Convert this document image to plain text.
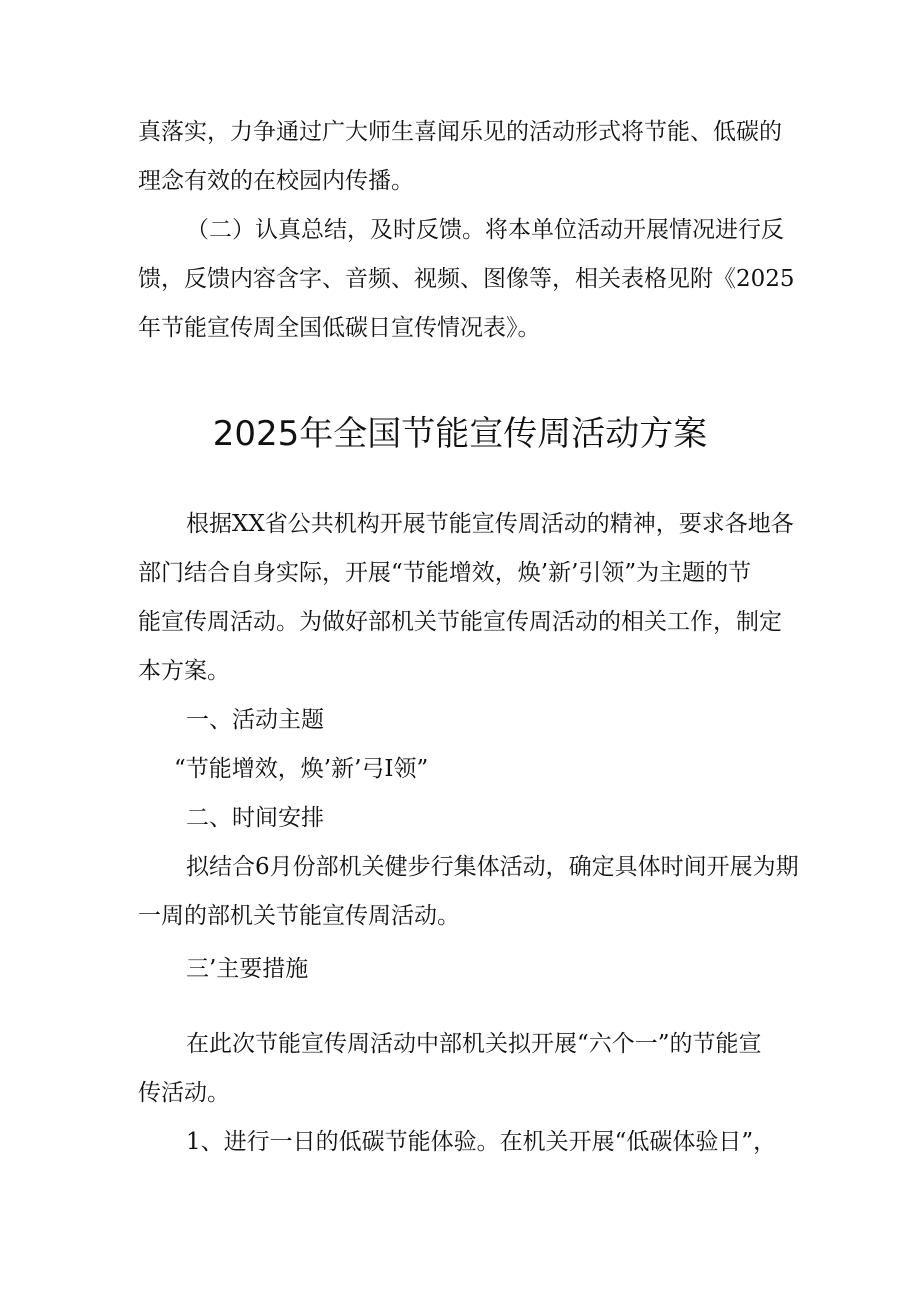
真落实，力争通过广大师生喜闻乐见的活动形式将节能、低碳的
理念有效的在校园内传播。
（二）认真总结，及时反馈。将本单位活动开展情况进行反
馈，反馈内容含字、音频、视频、图像等，相关表格见附《2025
年节能宣传周全国低碳日宣传情况表》。
2025年全国节能宣传周活动方案
根据XX省公共机构开展节能宣传周活动的精神，要求各地各
部门结合自身实际，开展“节能增效，焕’新’引领”为主题的节
能宣传周活动。为做好部机关节能宣传周活动的相关工作，制定
本方案。
一、活动主题
“节能增效，焕’新’弓I领”
二、时间安排
拟结合6月份部机关健步行集体活动，确定具体时间开展为期
一周的部机关节能宣传周活动。
三’主要措施
在此次节能宣传周活动中部机关拟开展“六个一”的节能宣
传活动。
1、进行一日的低碳节能体验。在机关开展“低碳体验日”，
